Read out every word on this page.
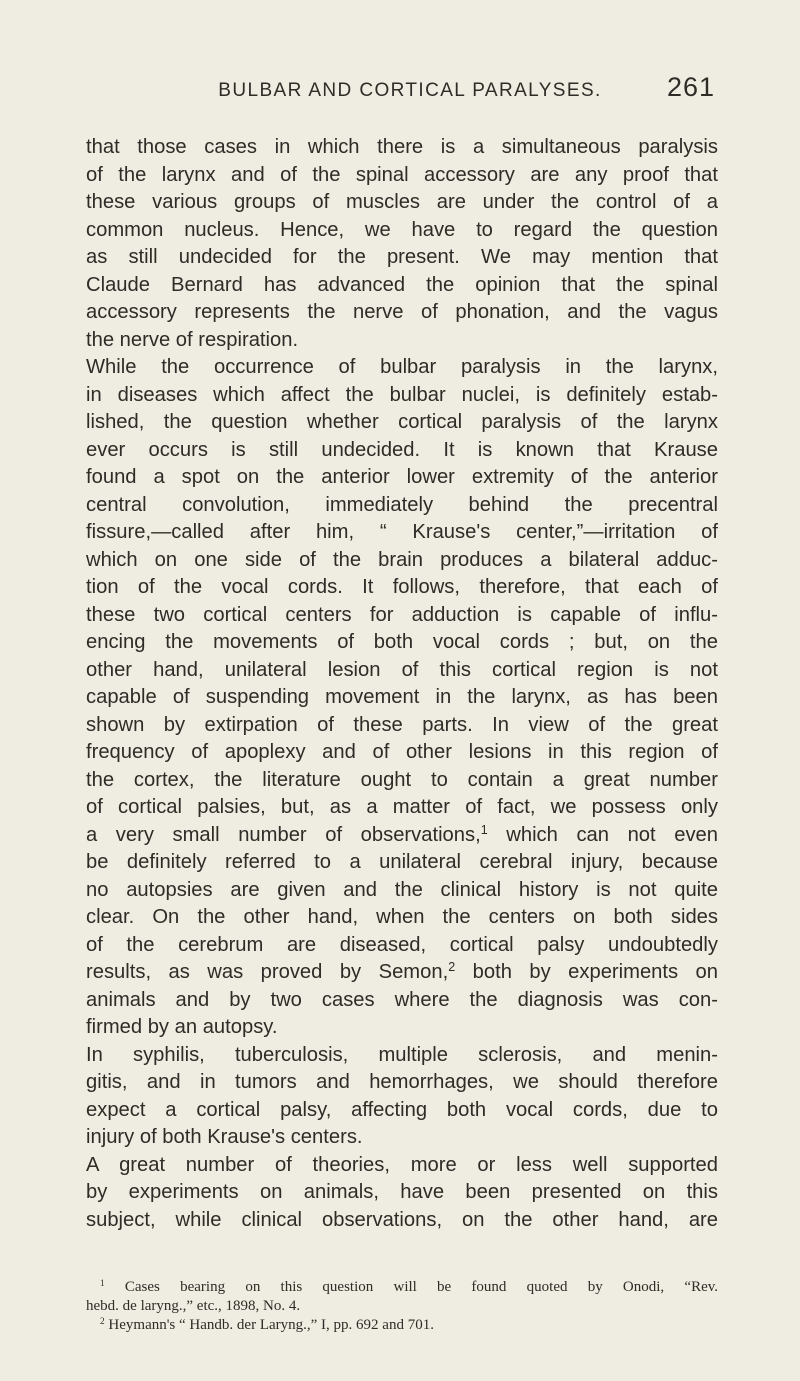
BULBAR AND CORTICAL PARALYSES.	261
that those cases in which there is a simultaneous paralysis
of the larynx and of the spinal accessory are any proof that
these various groups of muscles are under the control of a
common nucleus. Hence, we have to regard the question
as still undecided for the present. We may mention that
Claude Bernard has advanced the opinion that the spinal
accessory represents the nerve of phonation, and the vagus
the nerve of respiration.
While the occurrence of bulbar paralysis in the larynx,
in diseases which affect the bulbar nuclei, is definitely estab-
lished, the question whether cortical paralysis of the larynx
ever occurs is still undecided. It is known that Krause
found a spot on the anterior lower extremity of the anterior
central convolution, immediately behind the precentral
fissure,—called after him, “ Krause's center,”—irritation of
which on one side of the brain produces a bilateral adduc-
tion of the vocal cords. It follows, therefore, that each of
these two cortical centers for adduction is capable of influ-
encing the movements of both vocal cords ; but, on the
other hand, unilateral lesion of this cortical region is not
capable of suspending movement in the larynx, as has been
shown by extirpation of these parts. In view of the great
frequency of apoplexy and of other lesions in this region of
the cortex, the literature ought to contain a great number
of cortical palsies, but, as a matter of fact, we possess only
a very small number of observations,$^1$ which can not even
be definitely referred to a unilateral cerebral injury, because
no autopsies are given and the clinical history is not quite
clear. On the other hand, when the centers on both sides
of the cerebrum are diseased, cortical palsy undoubtedly
results, as was proved by Semon,$^2$ both by experiments on
animals and by two cases where the diagnosis was con-
firmed by an autopsy.
In syphilis, tuberculosis, multiple sclerosis, and menin-
gitis, and in tumors and hemorrhages, we should therefore
expect a cortical palsy, affecting both vocal cords, due to
injury of both Krause's centers.
A great number of theories, more or less well supported
by experiments on animals, have been presented on this
subject, while clinical observations, on the other hand, are
$^1$ Cases bearing on this question will be found quoted by Onodi, “Rev.
hebd. de laryng.,” etc., 1898, No. 4.
$^2$ Heymann's “ Handb. der Laryng.,” I, pp. 692 and 701.
